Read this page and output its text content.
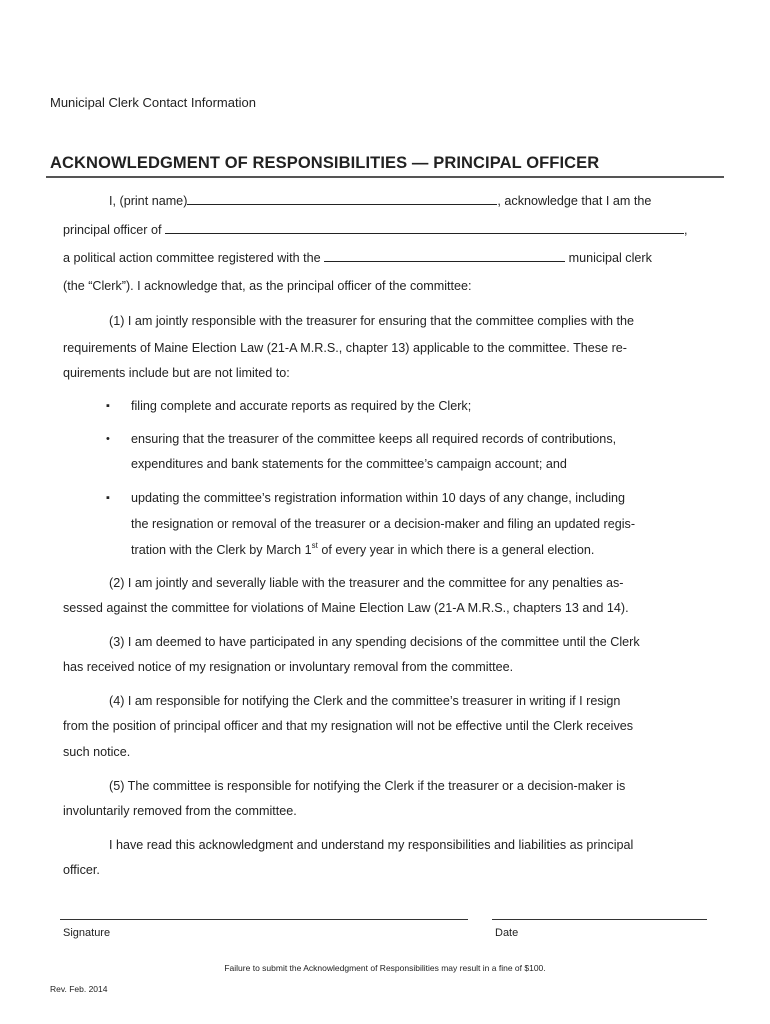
Municipal Clerk Contact Information
ACKNOWLEDGMENT OF RESPONSIBILITIES — PRINCIPAL OFFICER
I, (print name)	, acknowledge that I am the
principal officer of	,
a political action committee registered with the	municipal clerk
(the “Clerk”). I acknowledge that, as the principal officer of the committee:
(1) I am jointly responsible with the treasurer for ensuring that the committee complies with the
requirements of Maine Election Law (21-A M.R.S., chapter 13) applicable to the committee. These re-
quirements include but are not limited to:
▪ filing complete and accurate reports as required by the Clerk;
• ensuring that the treasurer of the committee keeps all required records of contributions,
expenditures and bank statements for the committee’s campaign account; and
▪ updating the committee’s registration information within 10 days of any change, including
the resignation or removal of the treasurer or a decision-maker and filing an updated regis-
tration with the Clerk by March 1st of every year in which there is a general election.
(2) I am jointly and severally liable with the treasurer and the committee for any penalties as-
sessed against the committee for violations of Maine Election Law (21-A M.R.S., chapters 13 and 14).
(3) I am deemed to have participated in any spending decisions of the committee until the Clerk
has received notice of my resignation or involuntary removal from the committee.
(4) I am responsible for notifying the Clerk and the committee’s treasurer in writing if I resign
from the position of principal officer and that my resignation will not be effective until the Clerk receives
such notice.
(5) The committee is responsible for notifying the Clerk if the treasurer or a decision-maker is
involuntarily removed from the committee.
I have read this acknowledgment and understand my responsibilities and liabilities as principal
officer.
Signature	Date
Failure to submit the Acknowledgment of Responsibilities may result in a fine of $100.
Rev. Feb. 2014
